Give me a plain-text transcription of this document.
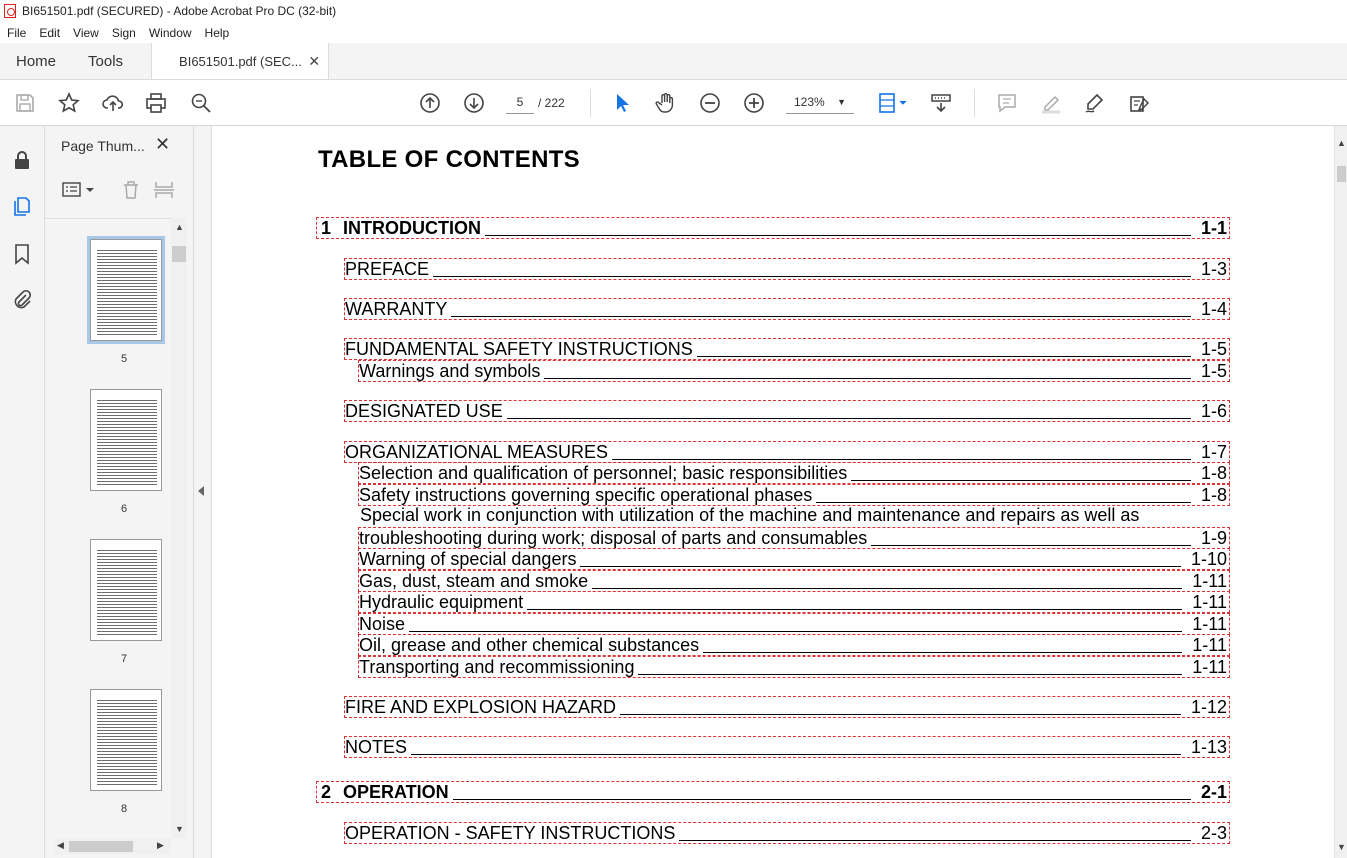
BI651501.pdf (SECURED) - Adobe Acrobat Pro DC (32-bit)
File	Edit	View	Sign	Window	Help
Home	Tools	BI651501.pdf (SEC... ✕
5	/ 222	123% ▼
Page Thum... ✕
5
6
7
8
▲
▼
◀	▶
TABLE OF CONTENTS
1 INTRODUCTION	1-1
PREFACE	1-3
WARRANTY	1-4
FUNDAMENTAL SAFETY INSTRUCTIONS	1-5
Warnings and symbols	1-5
DESIGNATED USE	1-6
ORGANIZATIONAL MEASURES	1-7
Selection and qualification of personnel; basic responsibilities	1-8
Safety instructions governing specific operational phases	1-8
Special work in conjunction with utilization of the machine and maintenance and repairs as well as
troubleshooting during work; disposal of parts and consumables	1-9
Warning of special dangers	1-10
Gas, dust, steam and smoke	1-11
Hydraulic equipment	1-11
Noise	1-11
Oil, grease and other chemical substances	1-11
Transporting and recommissioning	1-11
FIRE AND EXPLOSION HAZARD	1-12
NOTES	1-13
2 OPERATION	2-1
OPERATION - SAFETY INSTRUCTIONS	2-3
▲
▼
